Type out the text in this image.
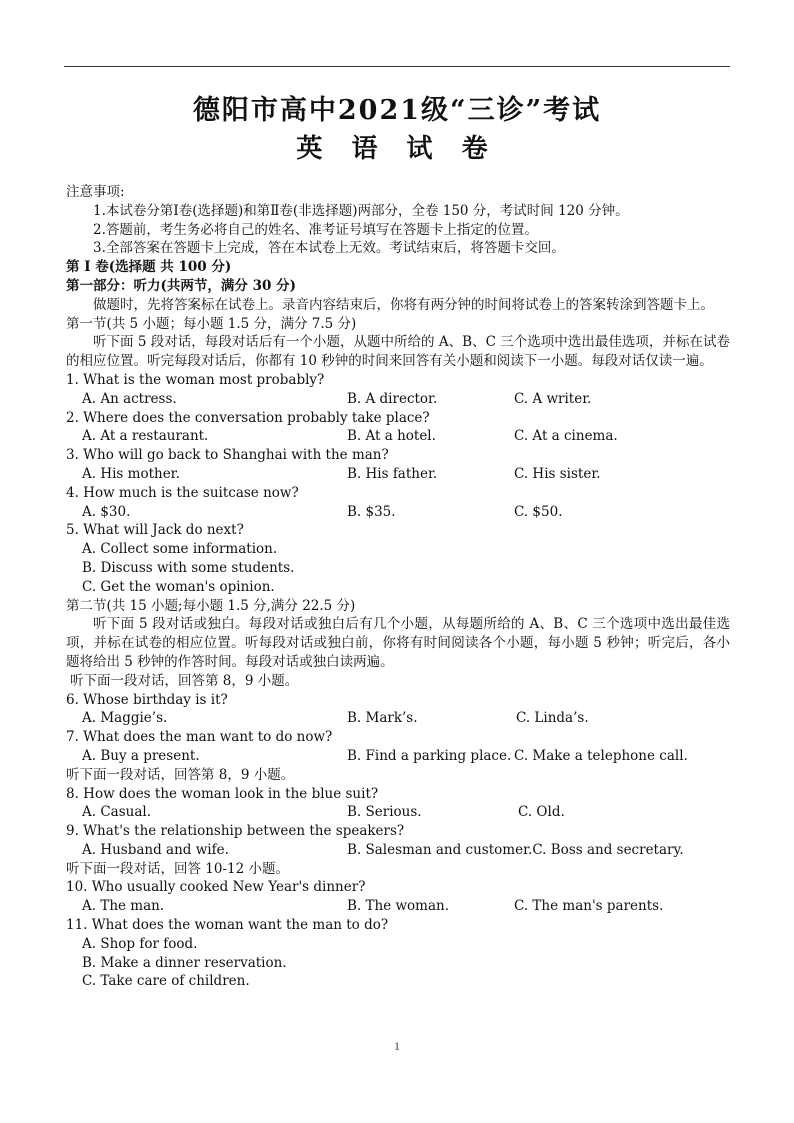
德阳市高中2021级“三诊”考试
英 语 试 卷

注意事项:

1.本试卷分第Ⅰ卷(选择题)和第Ⅱ卷(非选择题)两部分，全卷 150 分，考试时间 120 分钟。

2.答题前，考生务必将自己的姓名、准考证号填写在答题卡上指定的位置。

3.全部答案在答题卡上完成，答在本试卷上无效。考试结束后，将答题卡交回。

第 Ⅰ 卷(选择题 共 100 分)

第一部分：听力(共两节，满分 30 分)

做题时，先将答案标在试卷上。录音内容结束后，你将有两分钟的时间将试卷上的答案转涂到答题卡上。

第一节(共 5 小题；每小题 1.5 分，满分 7.5 分)

听下面 5 段对话，每段对话后有一个小题，从题中所给的 A、B、C 三个选项中选出最佳选项，并标在试卷的相应位置。听完每段对话后，你都有 10 秒钟的时间来回答有关小题和阅读下一小题。每段对话仅读一遍。

1. What is the woman most probably?

A. An actress.	B. A director.	C. A writer.

2. Where does the conversation probably take place?

A. At a restaurant.	B. At a hotel.	C. At a cinema.

3. Who will go back to Shanghai with the man?

A. His mother.	B. His father.	C. His sister.

4. How much is the suitcase now?

A. $30.	B. $35.	C. $50.

5. What will Jack do next?

A. Collect some information.

B. Discuss with some students.

C. Get the woman's opinion.

第二节(共 15 小题;每小题 1.5 分,满分 22.5 分)

听下面 5 段对话或独白。每段对话或独白后有几个小题，从每题所给的 A、B、C 三个选项中选出最佳选项，并标在试卷的相应位置。听每段对话或独白前，你将有时间阅读各个小题，每小题 5 秒钟；听完后，各小题将给出 5 秒钟的作答时间。每段对话或独白读两遍。

听下面一段对话，回答第 8，9 小题。

6. Whose birthday is it?

A. Maggie’s.	B. Mark’s.	C. Linda’s.

7. What does the man want to do now?

A. Buy a present.	B. Find a parking place. C. Make a telephone call.

听下面一段对话，回答第 8，9 小题。

8. How does the woman look in the blue suit?

A. Casual.	B. Serious.	C. Old.

9. What's the relationship between the speakers?

A. Husband and wife.	B. Salesman and customer.C. Boss and secretary.

听下面一段对话，回答 10-12 小题。

10. Who usually cooked New Year's dinner?

A. The man.	B. The woman.	C. The man's parents.

11. What does the woman want the man to do?

A. Shop for food.

B. Make a dinner reservation.

C. Take care of children.

1
